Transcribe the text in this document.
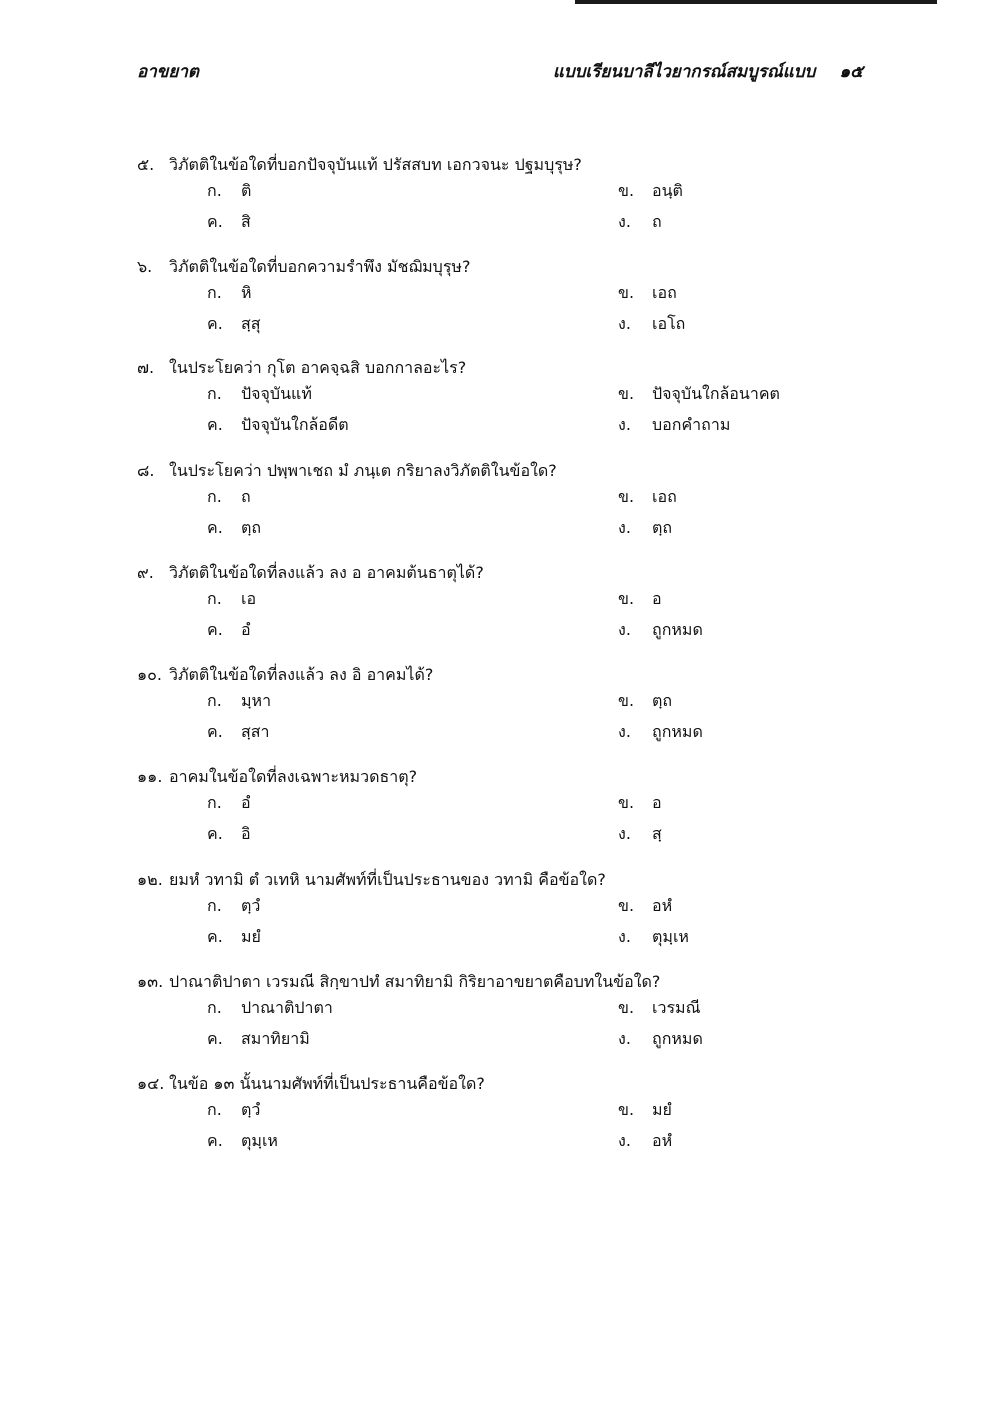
อาขยาต	แบบเรียนบาลีไวยากรณ์สมบูรณ์แบบ ๑๕
๕. วิภัตติในข้อใดที่บอกปัจจุบันแท้ ปรัสสบท เอกวจนะ ปฐมบุรุษ?
ก. ติ	ข. อนฺติ
ค. สิ	ง. ถ
๖. วิภัตติในข้อใดที่บอกความรำพึง มัชฌิมบุรุษ?
ก. หิ	ข. เอถ
ค. สฺสุ	ง. เอโถ
๗. ในประโยคว่า กุโต อาคจฺฉสิ บอกกาลอะไร?
ก. ปัจจุบันแท้	ข. ปัจจุบันใกล้อนาคต
ค. ปัจจุบันใกล้อดีต	ง. บอกคำถาม
๘. ในประโยคว่า ปพฺพาเชถ มํ ภนฺเต กริยาลงวิภัตติในข้อใด?
ก. ถ	ข. เอถ
ค. ตฺถ	ง. ตฺถ
๙. วิภัตติในข้อใดที่ลงแล้ว ลง อ อาคมต้นธาตุได้?
ก. เอ	ข. อ
ค. อํ	ง. ถูกหมด
๑๐. วิภัตติในข้อใดที่ลงแล้ว ลง อิ อาคมได้?
ก. มฺหา	ข. ตฺถ
ค. สฺสา	ง. ถูกหมด
๑๑. อาคมในข้อใดที่ลงเฉพาะหมวดธาตุ?
ก. อํ	ข. อ
ค. อิ	ง. สฺ
๑๒. ยมหํ วทามิ ตํ วเทหิ นามศัพท์ที่เป็นประธานของ วทามิ คือข้อใด?
ก. ตฺวํ	ข. อหํ
ค. มยํ	ง. ตุมฺเห
๑๓. ปาณาติปาตา เวรมณี สิกฺขาปทํ สมาทิยามิ กิริยาอาขยาตคือบทในข้อใด?
ก. ปาณาติปาตา	ข. เวรมณี
ค. สมาทิยามิ	ง. ถูกหมด
๑๔. ในข้อ ๑๓ นั้นนามศัพท์ที่เป็นประธานคือข้อใด?
ก. ตฺวํ	ข. มยํ
ค. ตุมฺเห	ง. อหํ
